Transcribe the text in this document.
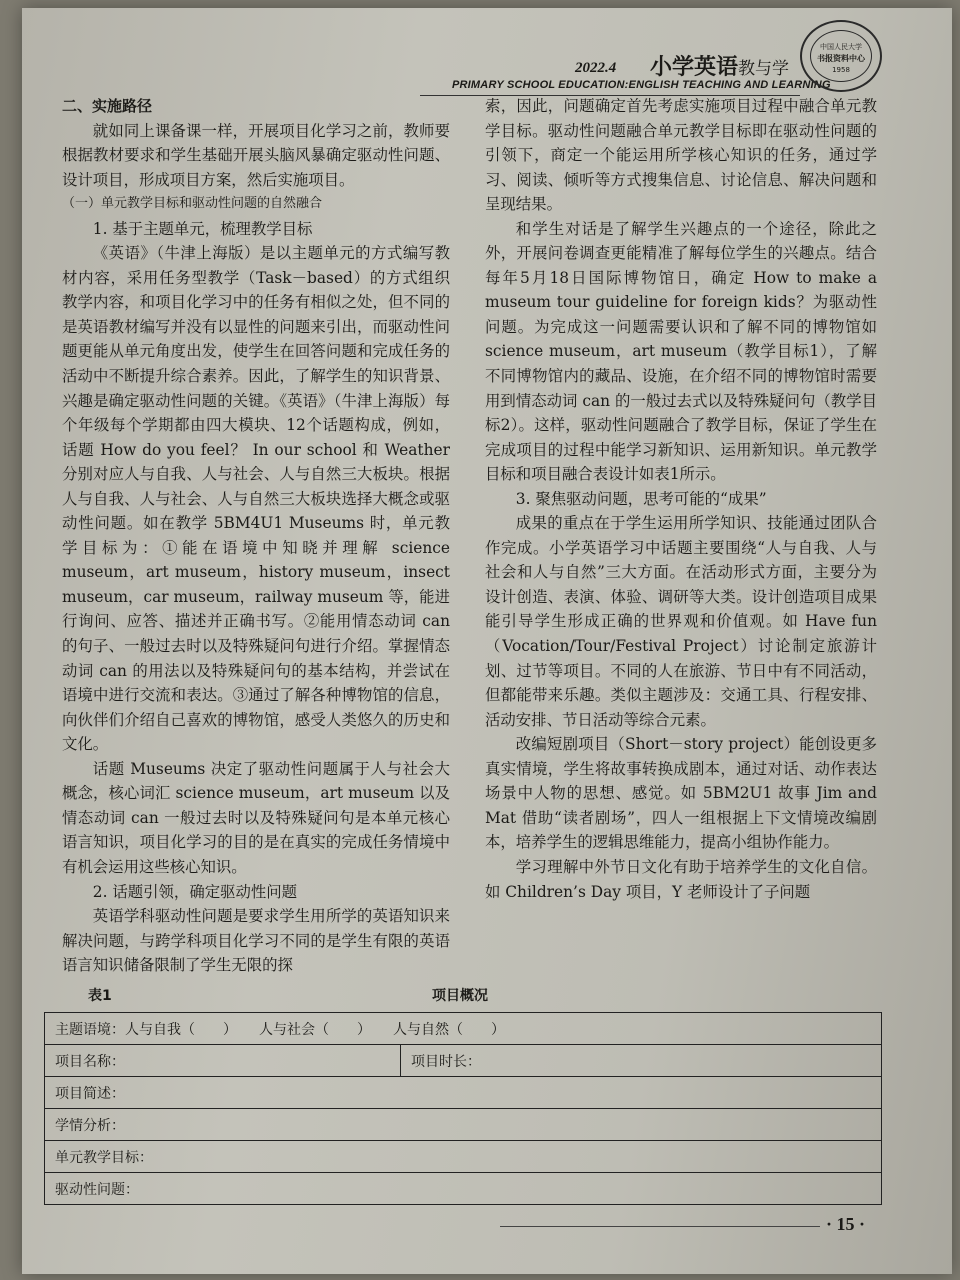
2022.4 小学英语教与学
PRIMARY SCHOOL EDUCATION:ENGLISH TEACHING AND LEARNING
中国人民大学
书报资料中心
1958

二、实施路径

就如同上课备课一样，开展项目化学习之前，教师要根据教材要求和学生基础开展头脑风暴确定驱动性问题、设计项目，形成项目方案，然后实施项目。

（一）单元教学目标和驱动性问题的自然融合

1. 基于主题单元，梳理教学目标

《英语》（牛津上海版）是以主题单元的方式编写教材内容，采用任务型教学（Task－based）的方式组织教学内容，和项目化学习中的任务有相似之处，但不同的是英语教材编写并没有以显性的问题来引出，而驱动性问题更能从单元角度出发，使学生在回答问题和完成任务的活动中不断提升综合素养。因此，了解学生的知识背景、兴趣是确定驱动性问题的关键。《英语》（牛津上海版）每个年级每个学期都由四大模块、12个话题构成，例如，话题 How do you feel？ In our school 和 Weather 分别对应人与自我、人与社会、人与自然三大板块。根据人与自我、人与社会、人与自然三大板块选择大概念或驱动性问题。如在教学 5BM4U1 Museums 时，单元教学目标为：①能在语境中知晓并理解 science museum，art museum，history museum，insect museum，car museum，railway museum 等，能进行询问、应答、描述并正确书写。②能用情态动词 can 的句子、一般过去时以及特殊疑问句进行介绍。掌握情态动词 can 的用法以及特殊疑问句的基本结构，并尝试在语境中进行交流和表达。③通过了解各种博物馆的信息，向伙伴们介绍自己喜欢的博物馆，感受人类悠久的历史和文化。

话题 Museums 决定了驱动性问题属于人与社会大概念，核心词汇 science museum，art museum 以及情态动词 can 一般过去时以及特殊疑问句是本单元核心语言知识，项目化学习的目的是在真实的完成任务情境中有机会运用这些核心知识。

2. 话题引领，确定驱动性问题

英语学科驱动性问题是要求学生用所学的英语知识来解决问题，与跨学科项目化学习不同的是学生有限的英语语言知识储备限制了学生无限的探

索，因此，问题确定首先考虑实施项目过程中融合单元教学目标。驱动性问题融合单元教学目标即在驱动性问题的引领下，商定一个能运用所学核心知识的任务，通过学习、阅读、倾听等方式搜集信息、讨论信息、解决问题和呈现结果。

和学生对话是了解学生兴趣点的一个途径，除此之外，开展问卷调查更能精准了解每位学生的兴趣点。结合每年5月18日国际博物馆日，确定 How to make a museum tour guideline for foreign kids？为驱动性问题。为完成这一问题需要认识和了解不同的博物馆如 science museum，art museum（教学目标1），了解不同博物馆内的藏品、设施，在介绍不同的博物馆时需要用到情态动词 can 的一般过去式以及特殊疑问句（教学目标2）。这样，驱动性问题融合了教学目标，保证了学生在完成项目的过程中能学习新知识、运用新知识。单元教学目标和项目融合表设计如表1所示。

3. 聚焦驱动问题，思考可能的“成果”

成果的重点在于学生运用所学知识、技能通过团队合作完成。小学英语学习中话题主要围绕“人与自我、人与社会和人与自然”三大方面。在活动形式方面，主要分为设计创造、表演、体验、调研等大类。设计创造项目成果能引导学生形成正确的世界观和价值观。如 Have fun（Vocation/Tour/Festival Project）讨论制定旅游计划、过节等项目。不同的人在旅游、节日中有不同活动，但都能带来乐趣。类似主题涉及：交通工具、行程安排、活动安排、节日活动等综合元素。

改编短剧项目（Short－story project）能创设更多真实情境，学生将故事转换成剧本，通过对话、动作表达场景中人物的思想、感觉。如 5BM2U1 故事 Jim and Mat 借助“读者剧场”，四人一组根据上下文情境改编剧本，培养学生的逻辑思维能力，提高小组协作能力。

学习理解中外节日文化有助于培养学生的文化自信。如 Children’s Day 项目，Y 老师设计了子问题

表1	项目概况
主题语境：人与自我（　　） 人与社会（　　） 人与自然（　　）
项目名称：	项目时长：
项目简述：
学情分析：
单元教学目标：
驱动性问题：
· 15 ·
